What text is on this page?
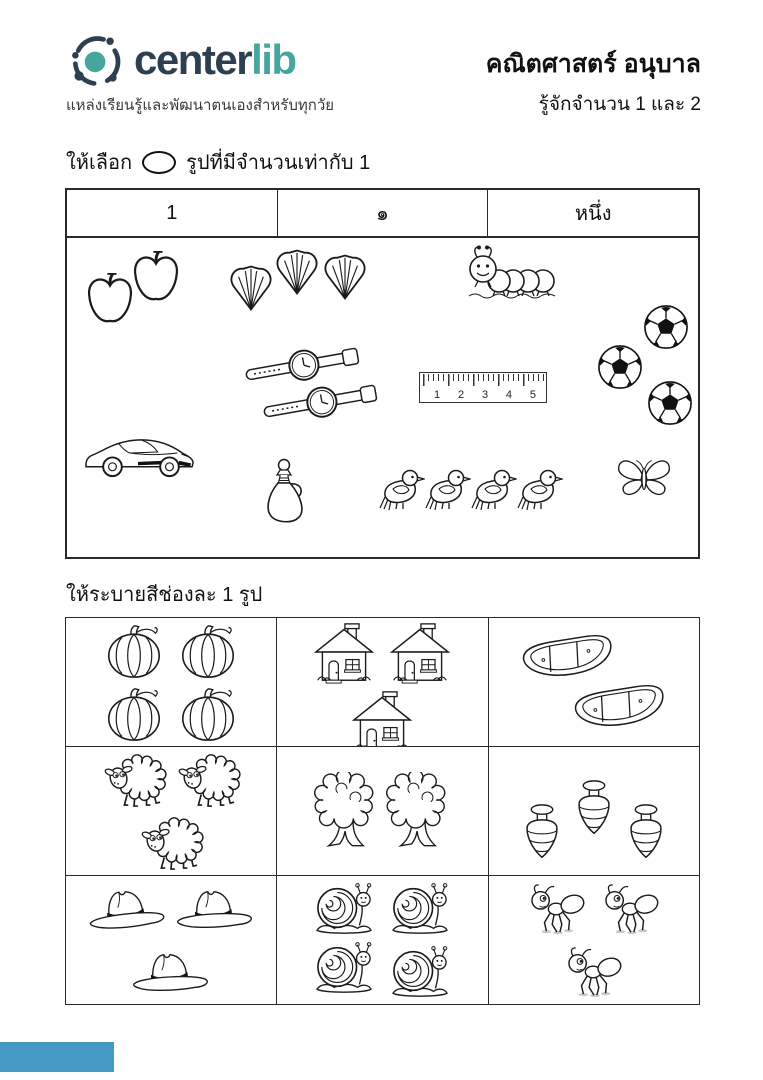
centerlib
แหล่งเรียนรู้และพัฒนาตนเองสำหรับทุกวัย
คณิตศาสตร์ อนุบาล
รู้จักจำนวน 1 และ 2
ให้เลือก	รูปที่มีจำนวนเท่ากับ 1
1	๑	หนึ่ง
1 2 3 4 5
ให้ระบายสีช่องละ 1 รูป
